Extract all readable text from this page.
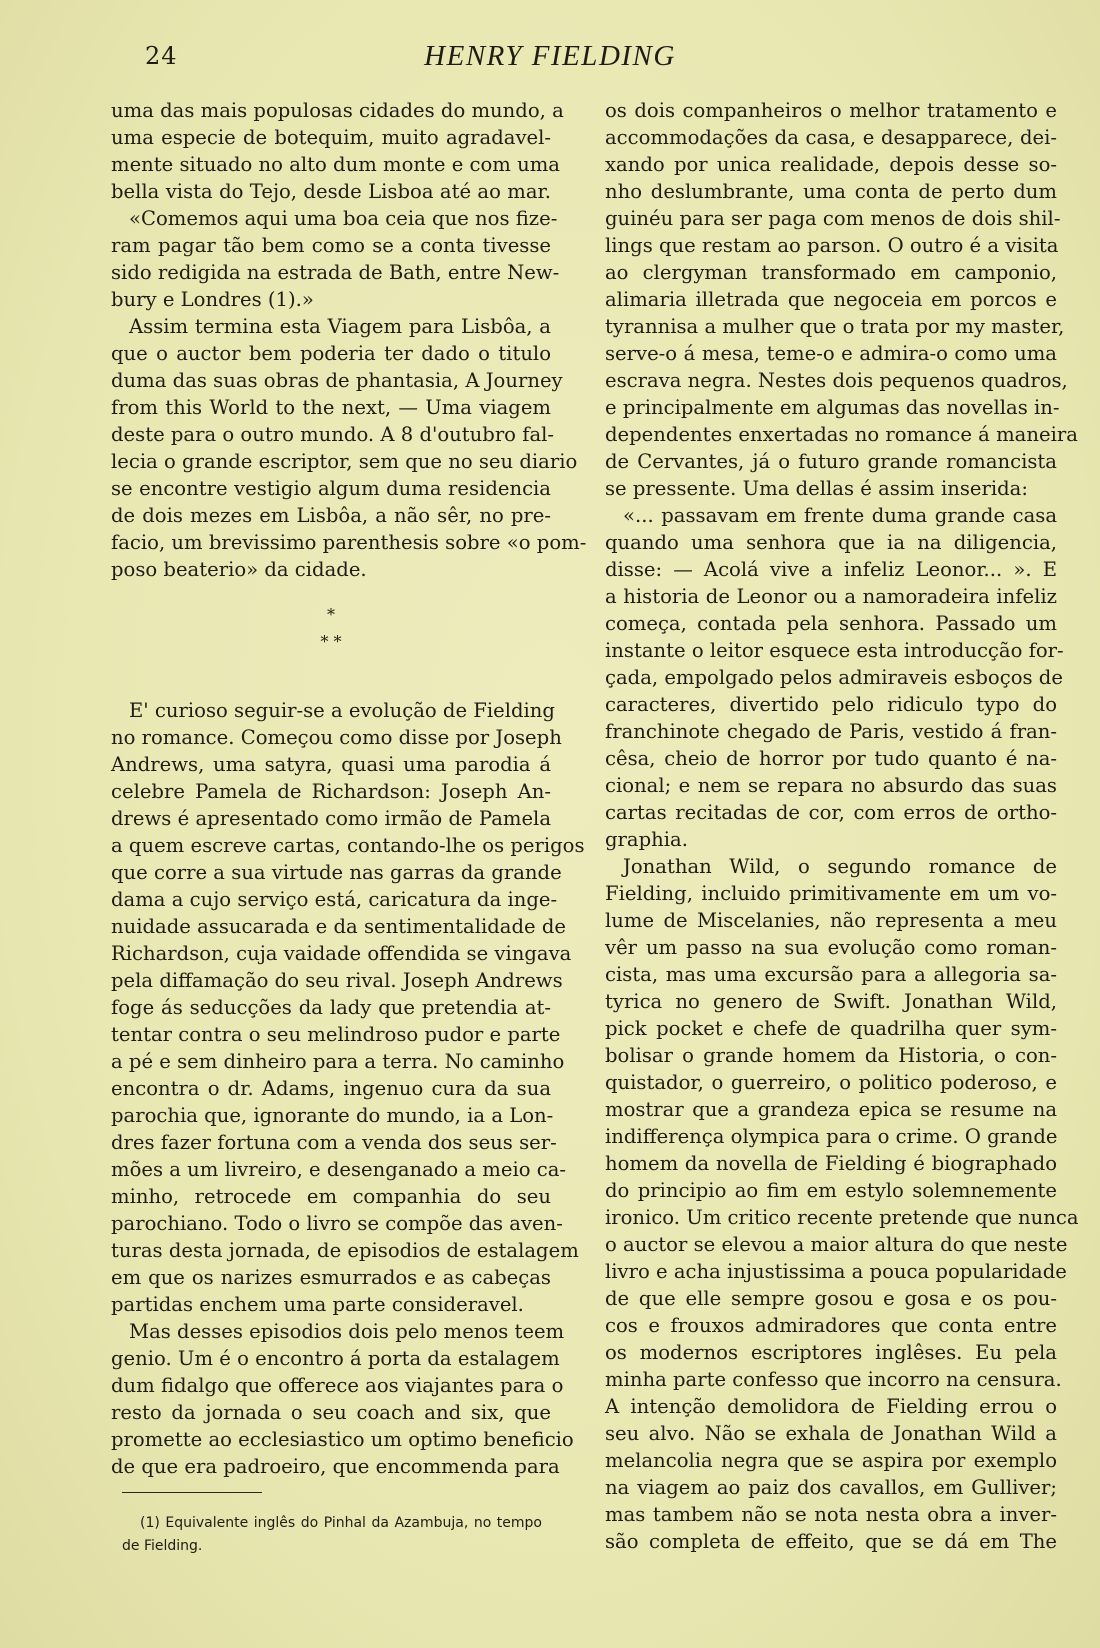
24	HENRY FIELDING
uma das mais populosas cidades do mundo, a
uma especie de botequim, muito agradavel-
mente situado no alto dum monte e com uma
bella vista do Tejo, desde Lisboa até ao mar.
«Comemos aqui uma boa ceia que nos fize-
ram pagar tão bem como se a conta tivesse
sido redigida na estrada de Bath, entre New-
bury e Londres (1).»
Assim termina esta Viagem para Lisbôa, a
que o auctor bem poderia ter dado o titulo
duma das suas obras de phantasia, A Journey
from this World to the next, — Uma viagem
deste para o outro mundo. A 8 d'outubro fal-
lecia o grande escriptor, sem que no seu diario
se encontre vestigio algum duma residencia
de dois mezes em Lisbôa, a não sêr, no pre-
facio, um brevissimo parenthesis sobre «o pom-
poso beaterio» da cidade.
*
* *
E' curioso seguir-se a evolução de Fielding
no romance. Começou como disse por Joseph
Andrews, uma satyra, quasi uma parodia á
celebre Pamela de Richardson: Joseph An-
drews é apresentado como irmão de Pamela
a quem escreve cartas, contando-lhe os perigos
que corre a sua virtude nas garras da grande
dama a cujo serviço está, caricatura da inge-
nuidade assucarada e da sentimentalidade de
Richardson, cuja vaidade offendida se vingava
pela diffamação do seu rival. Joseph Andrews
foge ás seducções da lady que pretendia at-
tentar contra o seu melindroso pudor e parte
a pé e sem dinheiro para a terra. No caminho
encontra o dr. Adams, ingenuo cura da sua
parochia que, ignorante do mundo, ia a Lon-
dres fazer fortuna com a venda dos seus ser-
mões a um livreiro, e desenganado a meio ca-
minho, retrocede em companhia do seu
parochiano. Todo o livro se compõe das aven-
turas desta jornada, de episodios de estalagem
em que os narizes esmurrados e as cabeças
partidas enchem uma parte consideravel.
Mas desses episodios dois pelo menos teem
genio. Um é o encontro á porta da estalagem
dum fidalgo que offerece aos viajantes para o
resto da jornada o seu coach and six, que
promette ao ecclesiastico um optimo beneficio
de que era padroeiro, que encommenda para
os dois companheiros o melhor tratamento e
accommodações da casa, e desapparece, dei-
xando por unica realidade, depois desse so-
nho deslumbrante, uma conta de perto dum
guinéu para ser paga com menos de dois shil-
lings que restam ao parson. O outro é a visita
ao clergyman transformado em camponio,
alimaria illetrada que negoceia em porcos e
tyrannisa a mulher que o trata por my master,
serve-o á mesa, teme-o e admira-o como uma
escrava negra. Nestes dois pequenos quadros,
e principalmente em algumas das novellas in-
dependentes enxertadas no romance á maneira
de Cervantes, já o futuro grande romancista
se pressente. Uma dellas é assim inserida:
«... passavam em frente duma grande casa
quando uma senhora que ia na diligencia,
disse: — Acolá vive a infeliz Leonor... ». E
a historia de Leonor ou a namoradeira infeliz
começa, contada pela senhora. Passado um
instante o leitor esquece esta introducção for-
çada, empolgado pelos admiraveis esboços de
caracteres, divertido pelo ridiculo typo do
franchinote chegado de Paris, vestido á fran-
cêsa, cheio de horror por tudo quanto é na-
cional; e nem se repara no absurdo das suas
cartas recitadas de cor, com erros de ortho-
graphia.
Jonathan Wild, o segundo romance de
Fielding, incluido primitivamente em um vo-
lume de Miscelanies, não representa a meu
vêr um passo na sua evolução como roman-
cista, mas uma excursão para a allegoria sa-
tyrica no genero de Swift. Jonathan Wild,
pick pocket e chefe de quadrilha quer sym-
bolisar o grande homem da Historia, o con-
quistador, o guerreiro, o politico poderoso, e
mostrar que a grandeza epica se resume na
indifferença olympica para o crime. O grande
homem da novella de Fielding é biographado
do principio ao fim em estylo solemnemente
ironico. Um critico recente pretende que nunca
o auctor se elevou a maior altura do que neste
livro e acha injustissima a pouca popularidade
de que elle sempre gosou e gosa e os pou-
cos e frouxos admiradores que conta entre
os modernos escriptores inglêses. Eu pela
minha parte confesso que incorro na censura.
A intenção demolidora de Fielding errou o
seu alvo. Não se exhala de Jonathan Wild a
melancolia negra que se aspira por exemplo
na viagem ao paiz dos cavallos, em Gulliver;
mas tambem não se nota nesta obra a inver-
são completa de effeito, que se dá em The
(1) Equivalente inglês do Pinhal da Azambuja, no tempo
de Fielding.
